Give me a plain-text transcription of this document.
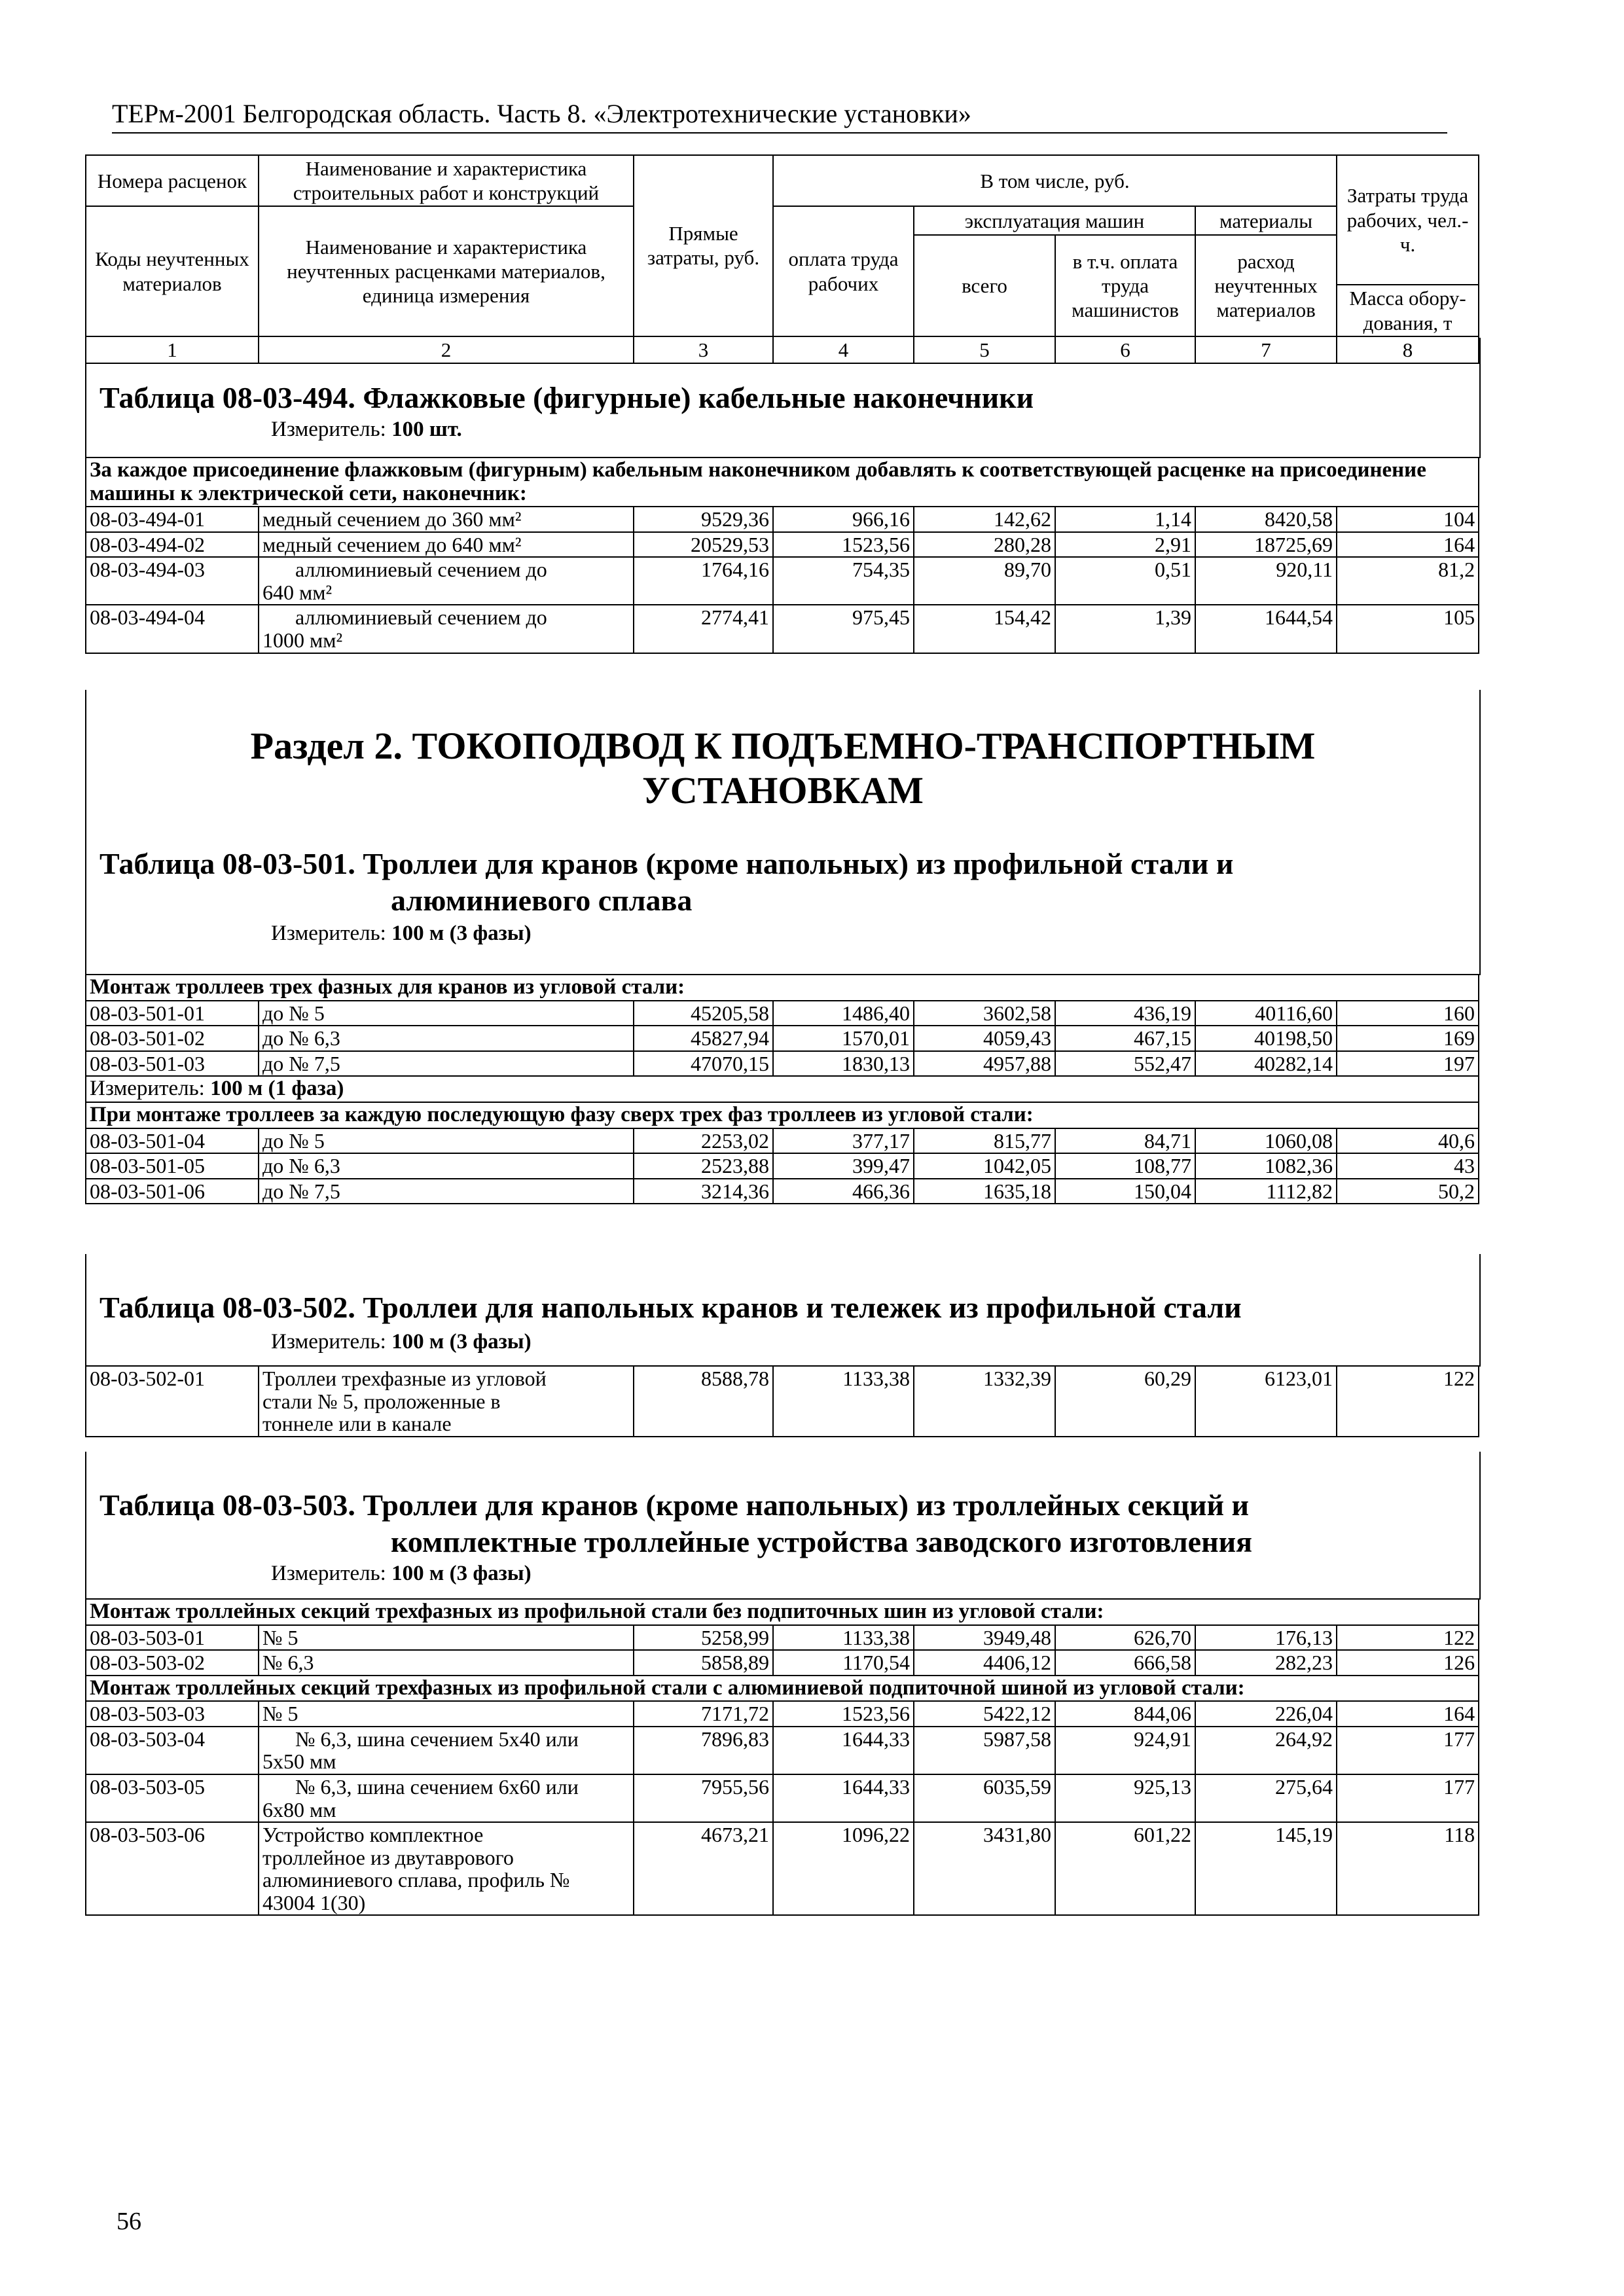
ТЕРм-2001 Белгородская область. Часть 8. «Электротехнические установки»
Номера расценок	Наименование и характеристика строительных работ и конструкций	Прямые затраты, руб.	В том числе, руб.				Затраты труда рабочих, чел.-ч.
Коды неучтенных материалов	Наименование и характеристика неучтенных расценками материалов, единица измерения		оплата труда рабочих	эксплуатация машин		материалы	
				всего	в т.ч. оплата труда машинистов	расход неучтенных материалов	
							Масса обору-дования, т
1	2	3	4	5	6	7	8
Таблица 08-03-494. Флажковые (фигурные) кабельные наконечники
Измеритель: 100 шт.
За каждое присоединение флажковым (фигурным) кабельным наконечником добавлять к соответствующей расценке на присоединение машины к электрической сети, наконечник:							
08-03-494-01	медный сечением до 360 мм²	9529,36	966,16	142,62	1,14	8420,58	104
08-03-494-02	медный сечением до 640 мм²	20529,53	1523,56	280,28	2,91	18725,69	164
08-03-494-03	аллюминиевый сечением до
640 мм²	1764,16	754,35	89,70	0,51	920,11	81,2
08-03-494-04	аллюминиевый сечением до
1000 мм²	2774,41	975,45	154,42	1,39	1644,54	105
Раздел 2. ТОКОПОДВОД К ПОДЪЕМНО-ТРАНСПОРТНЫМ
УСТАНОВКАМ
Таблица 08-03-501. Троллеи для кранов (кроме напольных) из профильной стали и
алюминиевого сплава
Измеритель: 100 м (3 фазы)
Монтаж троллеев трех фазных для кранов из угловой стали:							
08-03-501-01	до № 5	45205,58	1486,40	3602,58	436,19	40116,60	160
08-03-501-02	до № 6,3	45827,94	1570,01	4059,43	467,15	40198,50	169
08-03-501-03	до № 7,5	47070,15	1830,13	4957,88	552,47	40282,14	197
Измеритель: 100 м (1 фаза)							
При монтаже троллеев за каждую последующую фазу сверх трех фаз троллеев из угловой стали:							
08-03-501-04	до № 5	2253,02	377,17	815,77	84,71	1060,08	40,6
08-03-501-05	до № 6,3	2523,88	399,47	1042,05	108,77	1082,36	43
08-03-501-06	до № 7,5	3214,36	466,36	1635,18	150,04	1112,82	50,2
Таблица 08-03-502. Троллеи для напольных кранов и тележек из профильной стали
Измеритель: 100 м (3 фазы)
08-03-502-01	Троллеи трехфазные из угловой
стали № 5, проложенные в
тоннеле или в канале	8588,78	1133,38	1332,39	60,29	6123,01	122
Таблица 08-03-503. Троллеи для кранов (кроме напольных) из троллейных секций и
комплектные троллейные устройства заводского изготовления
Измеритель: 100 м (3 фазы)
Монтаж троллейных секций трехфазных из профильной стали без подпиточных шин из угловой стали:							
08-03-503-01	№ 5	5258,99	1133,38	3949,48	626,70	176,13	122
08-03-503-02	№ 6,3	5858,89	1170,54	4406,12	666,58	282,23	126
Монтаж троллейных секций трехфазных из профильной стали с алюминиевой подпиточной шиной из угловой стали:							
08-03-503-03	№ 5	7171,72	1523,56	5422,12	844,06	226,04	164
08-03-503-04	№ 6,3, шина сечением 5х40 или
5х50 мм	7896,83	1644,33	5987,58	924,91	264,92	177
08-03-503-05	№ 6,3, шина сечением 6х60 или
6х80 мм	7955,56	1644,33	6035,59	925,13	275,64	177
08-03-503-06	Устройство комплектное
троллейное из двутаврового
алюминиевого сплава, профиль №
43004 1(30)	4673,21	1096,22	3431,80	601,22	145,19	118
56
